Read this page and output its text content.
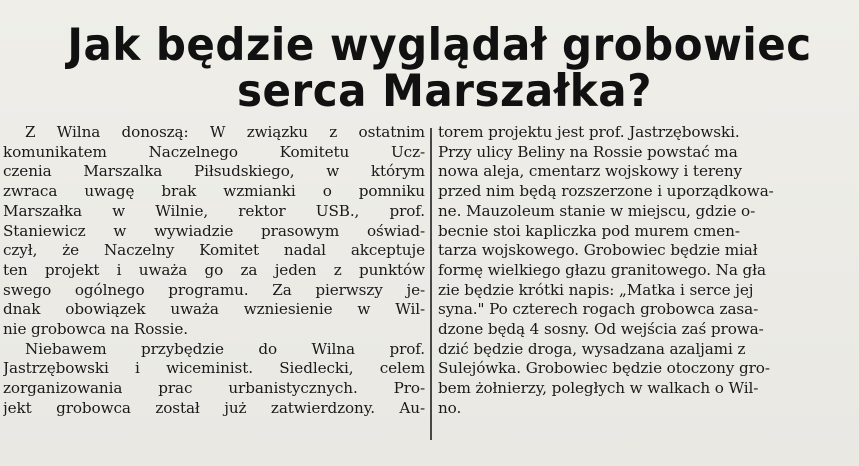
Jak będzie wyglądał grobowiec
serca Marszałka?
Z Wilna donoszą: W związku z ostatnim
komunikatem Naczelnego Komitetu Ucz-
czenia Marszalka Piłsudskiego, w którym
zwraca uwagę brak wzmianki o pomniku
Marszałka w Wilnie, rektor USB., prof.
Staniewicz w wywiadzie prasowym oświad-
czył, że Naczelny Komitet nadal akceptuje
ten projekt i uważa go za jeden z punktów
swego ogólnego programu. Za pierwszy je-
dnak obowiązek uważa wzniesienie w Wil-
nie grobowca na Rossie.
Niebawem przybędzie do Wilna prof.
Jastrzębowski i wiceminist. Siedlecki, celem
zorganizowania prac urbanistycznych. Pro-
jekt grobowca został już zatwierdzony. Au-
torem projektu jest prof. Jastrzębowski.
Przy ulicy Beliny na Rossie powstać ma
nowa aleja, cmentarz wojskowy i tereny
przed nim będą rozszerzone i uporządkowa-
ne. Mauzoleum stanie w miejscu, gdzie o-
becnie stoi kapliczka pod murem cmen-
tarza wojskowego. Grobowiec będzie miał
formę wielkiego głazu granitowego. Na gła
zie będzie krótki napis: „Matka i serce jej
syna." Po czterech rogach grobowca zasa-
dzone będą 4 sosny. Od wejścia zaś prowa-
dzić będzie droga, wysadzana azaljami z
Sulejówka. Grobowiec będzie otoczony gro-
bem żołnierzy, poległych w walkach o Wil-
no.
